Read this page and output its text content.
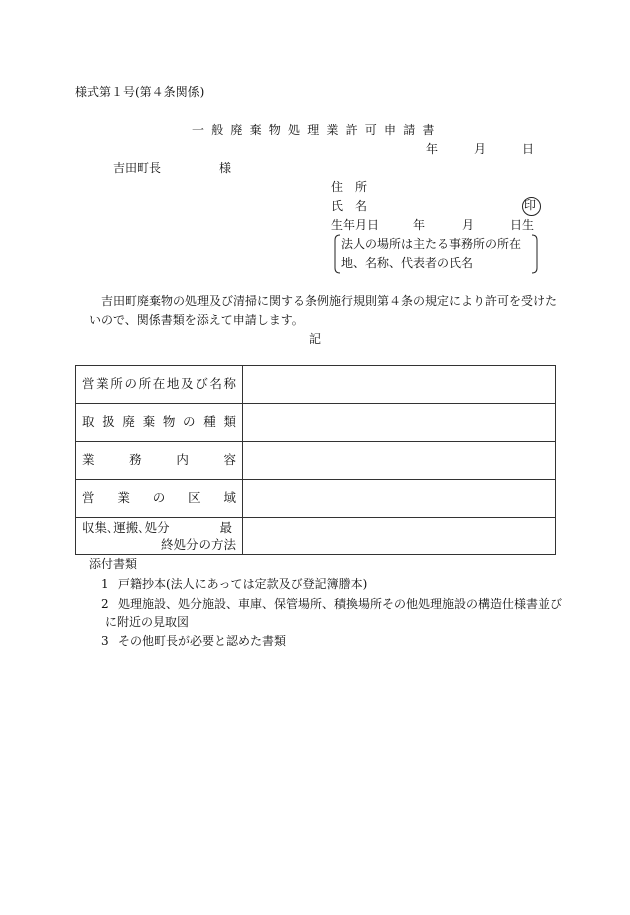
様式第１号(第４条関係)
一般廃棄物処理業許可申請書
年	月	日
吉田町長	様
住　所
氏　名	印
生年月日	年	月	日生
法人の場所は主たる事務所の所在
地、名称、代表者の氏名
吉田町廃棄物の処理及び清掃に関する条例施行規則第４条の規定により許可を受けた
いので、関係書類を添えて申請します。
記
営業所の所在地及び名称	

取扱廃棄物の種類	

業務内容	

営業の区域	

収集､運搬､処分　　　　最
終処分の方法	

添付書類
1 戸籍抄本(法人にあっては定款及び登記簿謄本)
2 処理施設、処分施設、車庫、保管場所、積換場所その他処理施設の構造仕様書並び
に附近の見取図
3 その他町長が必要と認めた書類
